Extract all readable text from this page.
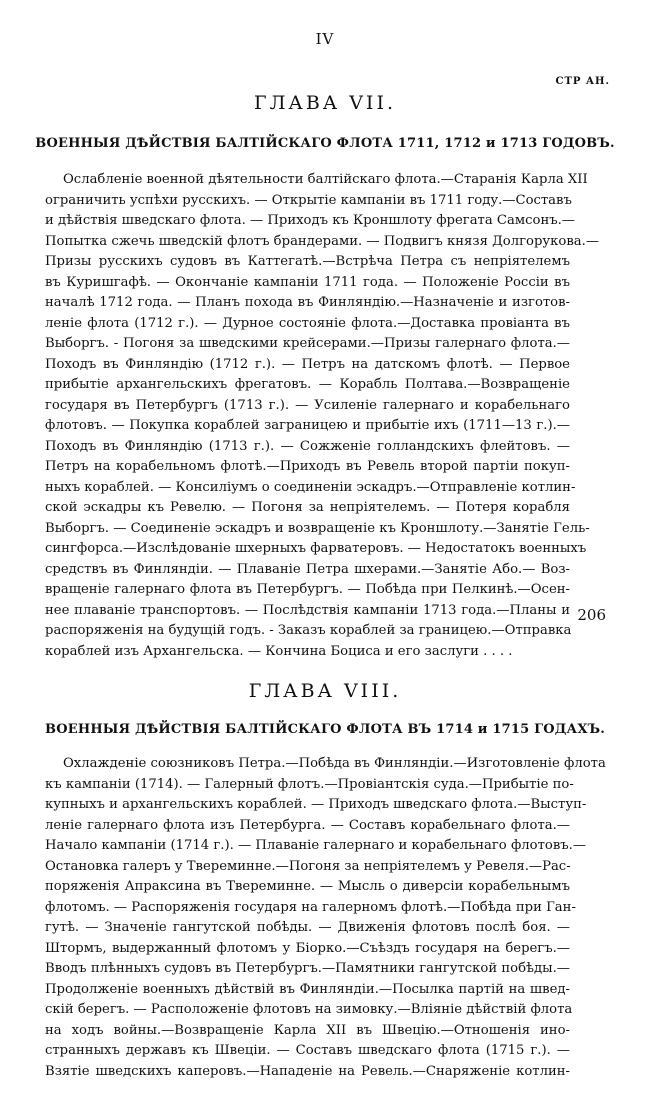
IV
СТР АН.
ГЛАВА VII.
ВОЕННЫЯ ДѢЙСТВІЯ БАЛТІЙСКАГО ФЛОТА 1711, 1712 и 1713 ГОДОВЪ.
Ослабленіе военной дѣятельности балтійскаго флота.—Старанія Карла XII
ограничить успѣхи русскихъ. — Открытіе кампаніи въ 1711 году.—Составъ
и дѣйствія шведскаго флота. — Приходъ къ Кроншлоту фрегата Самсонъ.—
Попытка сжечь шведскій флотъ брандерами. — Подвигъ князя Долгорукова.—
Призы русскихъ судовъ въ Каттегатѣ.—Встрѣча Петра съ непріятелемъ
въ Куришгафѣ. — Окончаніе кампаніи 1711 года. — Положеніе Россіи въ
началѣ 1712 года. — Планъ похода въ Финляндію.—Назначеніе и изготов-
леніе флота (1712 г.). — Дурное состояніе флота.—Доставка провіанта въ
Выборгъ. - Погоня за шведскими крейсерами.—Призы галернаго флота.—
Походъ въ Финляндію (1712 г.). — Петръ на датскомъ флотѣ. — Первое
прибытіе архангельскихъ фрегатовъ. — Корабль Полтава.—Возвращеніе
государя въ Петербургъ (1713 г.). — Усиленіе галернаго и корабельнаго
флотовъ. — Покупка кораблей заграницею и прибытіе ихъ (1711—13 г.).—
Походъ въ Финляндію (1713 г.). — Сожженіе голландскихъ флейтовъ. —
Петръ на корабельномъ флотѣ.—Приходъ въ Ревель второй партіи покуп-
ныхъ кораблей. — Консиліумъ о соединеніи эскадръ.—Отправленіе котлин-
ской эскадры къ Ревелю. — Погоня за непріятелемъ. — Потеря корабля
Выборгъ. — Соединеніе эскадръ и возвращеніе къ Кроншлоту.—Занятіе Гель-
сингфорса.—Изслѣдованіе шхерныхъ фарватеровъ. — Недостатокъ военныхъ
средствъ въ Финляндіи. — Плаваніе Петра шхерами.—Занятіе Або.— Воз-
вращеніе галернаго флота въ Петербургъ. — Побѣда при Пелкинѣ.—Осен-
нее плаваніе транспортовъ. — Послѣдствія кампаніи 1713 года.—Планы и
распоряженія на будущій годъ. - Заказъ кораблей за границею.—Отправка
кораблей изъ Архангельска. — Кончина Боциса и его заслуги . . . .
206
ГЛАВА VIII.
ВОЕННЫЯ ДѢЙСТВІЯ БАЛТІЙСКАГО ФЛОТА ВЪ 1714 и 1715 ГОДАХЪ.
Охлажденіе союзниковъ Петра.—Побѣда въ Финляндіи.—Изготовленіе флота
къ кампаніи (1714). — Галерный флотъ.—Провіантскія суда.—Прибытіе по-
купныхъ и архангельскихъ кораблей. — Приходъ шведскаго флота.—Выступ-
леніе галернаго флота изъ Петербурга. — Составъ корабельнаго флота.—
Начало кампаніи (1714 г.). — Плаваніе галернаго и корабельнаго флотовъ.—
Остановка галеръ у Твереминне.—Погоня за непріятелемъ у Ревеля.—Рас-
поряженія Апраксина въ Твереминне. — Мысль о диверсіи корабельнымъ
флотомъ. — Распоряженія государя на галерномъ флотѣ.—Побѣда при Ган-
гутѣ. — Значеніе гангутской побѣды. — Движенія флотовъ послѣ боя. —
Штормъ, выдержанный флотомъ у Біорко.—Съѣздъ государя на берегъ.—
Вводъ плѣнныхъ судовъ въ Петербургъ.—Памятники гангутской побѣды.—
Продолженіе военныхъ дѣйствій въ Финляндіи.—Посылка партій на швед-
скій берегъ. — Расположеніе флотовъ на зимовку.—Вліяніе дѣйствій флота
на ходъ войны.—Возвращеніе Карла XII въ Швецію.—Отношенія ино-
странныхъ державъ къ Швеціи. — Составъ шведскаго флота (1715 г.). —
Взятіе шведскихъ каперовъ.—Нападеніе на Ревель.—Снаряженіе котлин-
